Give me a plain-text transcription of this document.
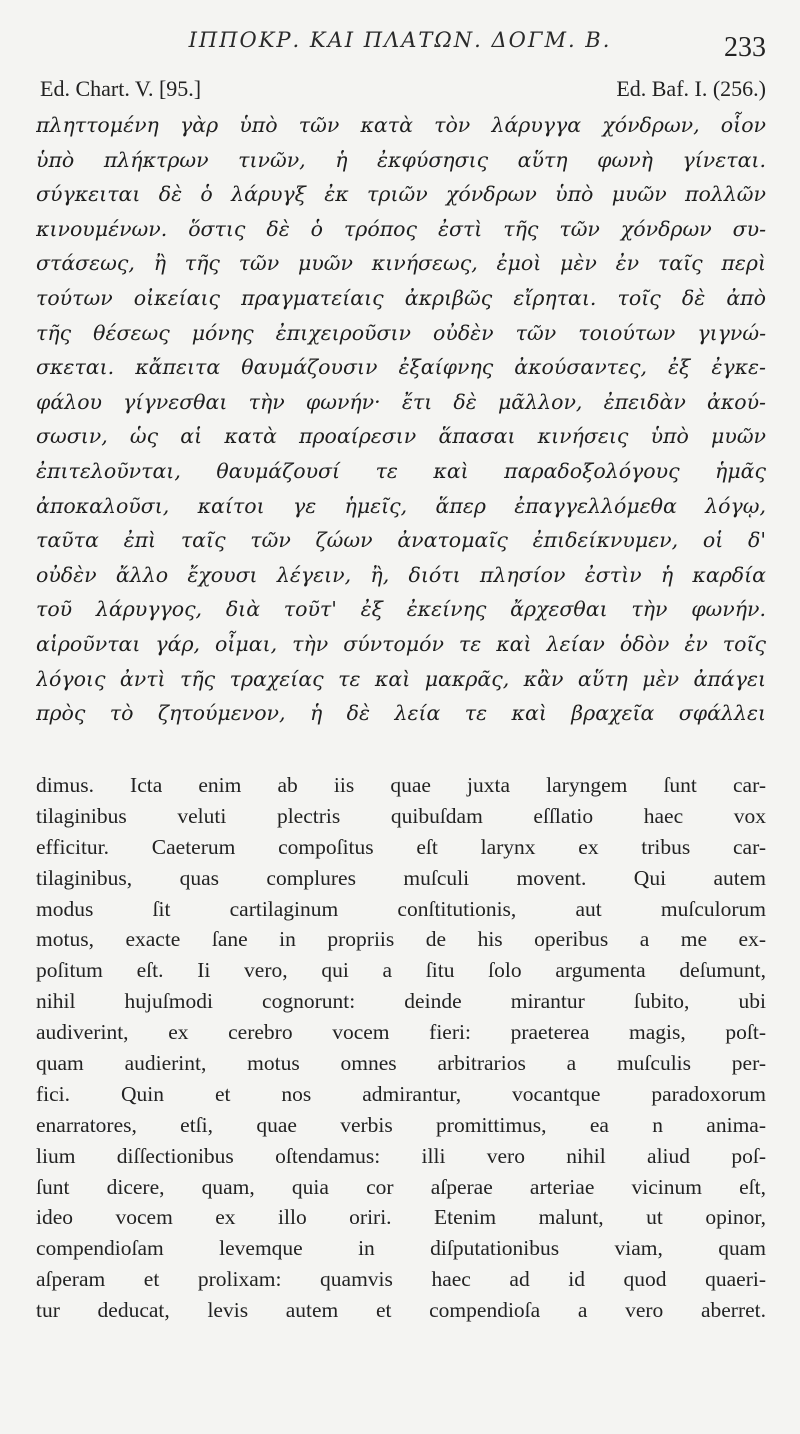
ΙΠΠΟΚΡ. ΚΑΙ ΠΛΑΤΩΝ. ΔΟΓΜ. Β.	233
Ed. Chart. V. [95.]	Ed. Baf. I. (256.)
πληττομένη γὰρ ὑπὸ τῶν κατὰ τὸν λάρυγγα χόνδρων, οἷον
ὑπὸ πλήκτρων τινῶν, ἡ ἐκφύσησις αὕτη φωνὴ γίνεται.
σύγκειται δὲ ὁ λάρυγξ ἐκ τριῶν χόνδρων ὑπὸ μυῶν πολλῶν
κινουμένων. ὅστις δὲ ὁ τρόπος ἐστὶ τῆς τῶν χόνδρων συ-
στάσεως, ἢ τῆς τῶν μυῶν κινήσεως, ἐμοὶ μὲν ἐν ταῖς περὶ
τούτων οἰκείαις πραγματείαις ἀκριβῶς εἴρηται. τοῖς δὲ ἀπὸ
τῆς θέσεως μόνης ἐπιχειροῦσιν οὐδὲν τῶν τοιούτων γιγνώ-
σκεται. κἄπειτα θαυμάζουσιν ἐξαίφνης ἀκούσαντες, ἐξ ἐγκε-
φάλου γίγνεσθαι τὴν φωνήν· ἔτι δὲ μᾶλλον, ἐπειδὰν ἀκού-
σωσιν, ὡς αἱ κατὰ προαίρεσιν ἅπασαι κινήσεις ὑπὸ μυῶν
ἐπιτελοῦνται, θαυμάζουσί τε καὶ παραδοξολόγους ἡμᾶς
ἀποκαλοῦσι, καίτοι γε ἡμεῖς, ἅπερ ἐπαγγελλόμεθα λόγῳ,
ταῦτα ἐπὶ ταῖς τῶν ζώων ἀνατομαῖς ἐπιδείκνυμεν, οἱ δ'
οὐδὲν ἄλλο ἔχουσι λέγειν, ἢ, διότι πλησίον ἐστὶν ἡ καρδία
τοῦ λάρυγγος, διὰ τοῦτ' ἐξ ἐκείνης ἄρχεσθαι τὴν φωνήν.
αἱροῦνται γάρ, οἶμαι, τὴν σύντομόν τε καὶ λείαν ὁδὸν ἐν τοῖς
λόγοις ἀντὶ τῆς τραχείας τε καὶ μακρᾶς, κἂν αὕτη μὲν ἀπάγει
πρὸς τὸ ζητούμενον, ἡ δὲ λεία τε καὶ βραχεῖα σφάλλει
dimus. Icta enim ab iis quae juxta laryngem ſunt car-
tilaginibus veluti plectris quibuſdam eſſlatio haec vox
efficitur. Caeterum compoſitus eſt larynx ex tribus car-
tilaginibus, quas complures muſculi movent. Qui autem
modus ſit cartilaginum conſtitutionis, aut muſculorum
motus, exacte ſane in propriis de his operibus a me ex-
poſitum eſt. Ii vero, qui a ſitu ſolo argumenta deſumunt,
nihil hujuſmodi cognorunt: deinde mirantur ſubito, ubi
audiverint, ex cerebro vocem fieri: praeterea magis, poſt-
quam audierint, motus omnes arbitrarios a muſculis per-
fici. Quin et nos admirantur, vocantque paradoxorum
enarratores, etſi, quae verbis promittimus, ea n anima-
lium diſſectionibus oſtendamus: illi vero nihil aliud poſ-
ſunt dicere, quam, quia cor aſperae arteriae vicinum eſt,
ideo vocem ex illo oriri. Etenim malunt, ut opinor,
compendioſam levemque in diſputationibus viam, quam
aſperam et prolixam: quamvis haec ad id quod quaeri-
tur deducat, levis autem et compendioſa a vero aberret.
